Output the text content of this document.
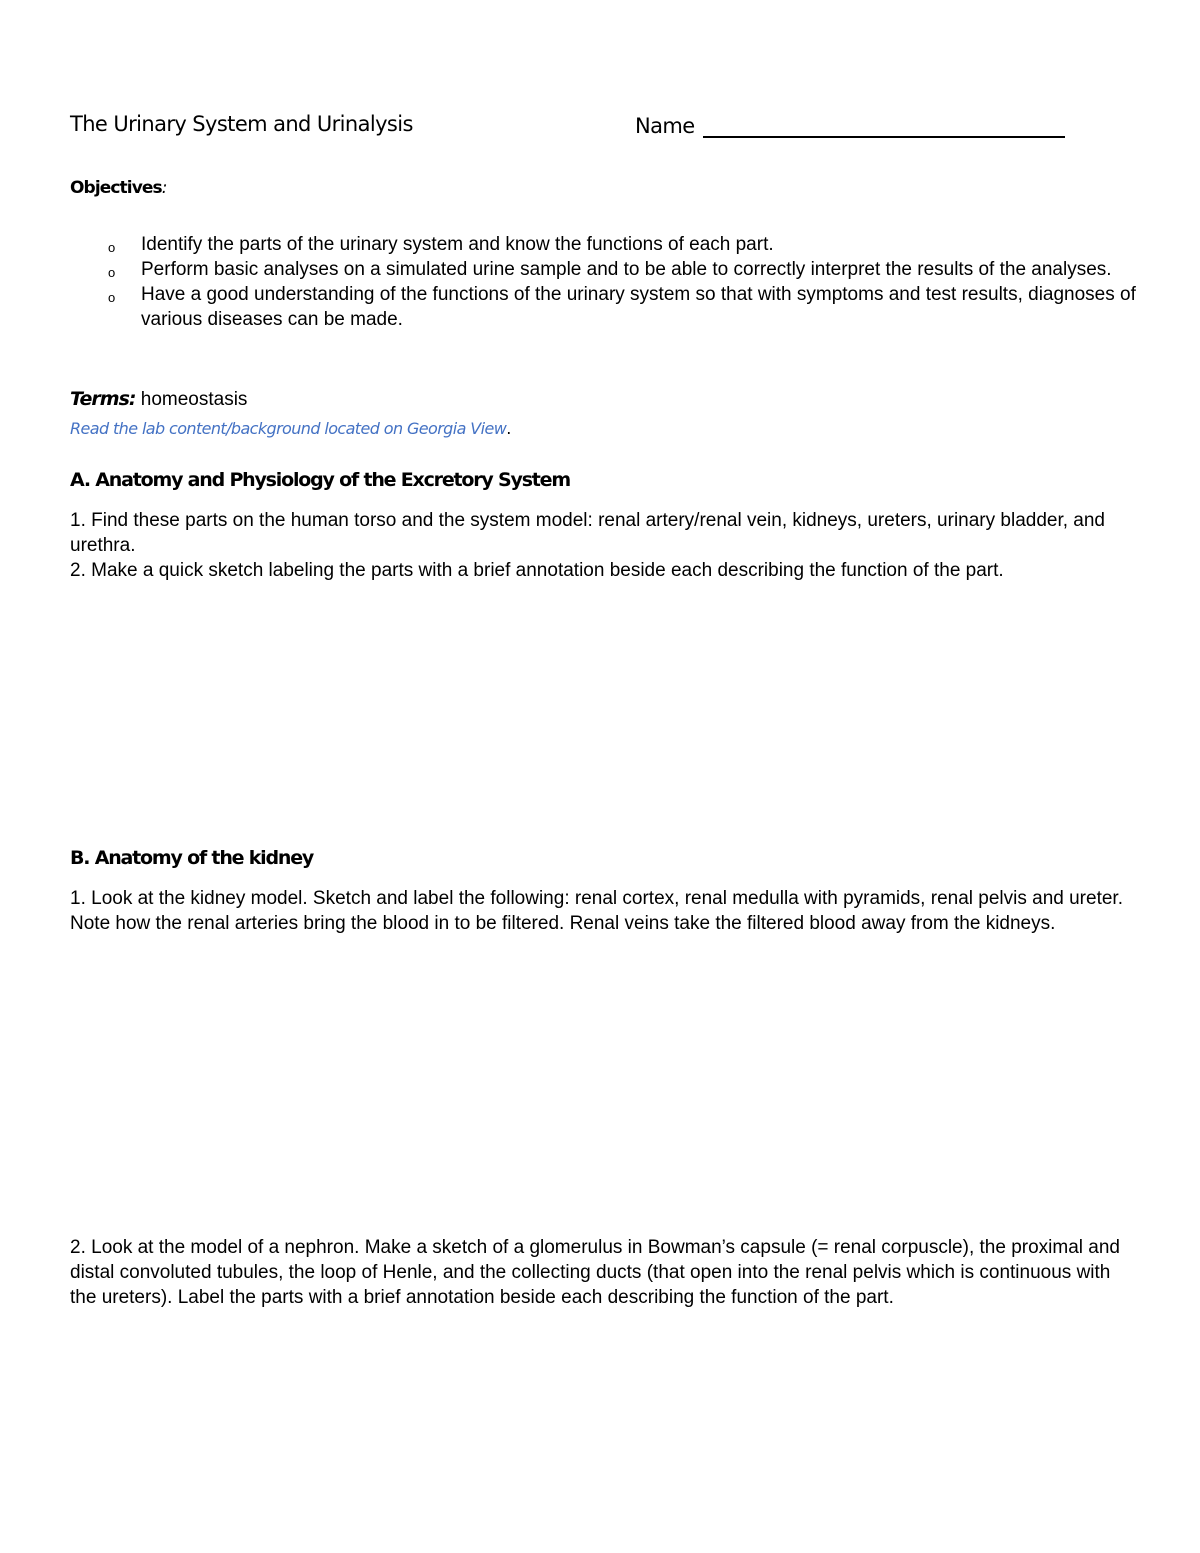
The Urinary System and Urinalysis	Name
Objectives:
o Identify the parts of the urinary system and know the functions of each part.
o Perform basic analyses on a simulated urine sample and to be able to correctly interpret the results of the analyses.
o Have a good understanding of the functions of the urinary system so that with symptoms and test results, diagnoses of various diseases can be made.
Terms: homeostasis
Read the lab content/background located on Georgia View.
A. Anatomy and Physiology of the Excretory System

1. Find these parts on the human torso and the system model: renal artery/renal vein, kidneys, ureters, urinary bladder, and urethra.

2. Make a quick sketch labeling the parts with a brief annotation beside each describing the function of the part.

B. Anatomy of the kidney

1. Look at the kidney model. Sketch and label the following: renal cortex, renal medulla with pyramids, renal pelvis and ureter. Note how the renal arteries bring the blood in to be filtered. Renal veins take the filtered blood away from the kidneys.

2. Look at the model of a nephron. Make a sketch of a glomerulus in Bowman’s capsule (= renal corpuscle), the proximal and distal convoluted tubules, the loop of Henle, and the collecting ducts (that open into the renal pelvis which is continuous with the ureters). Label the parts with a brief annotation beside each describing the function of the part.
